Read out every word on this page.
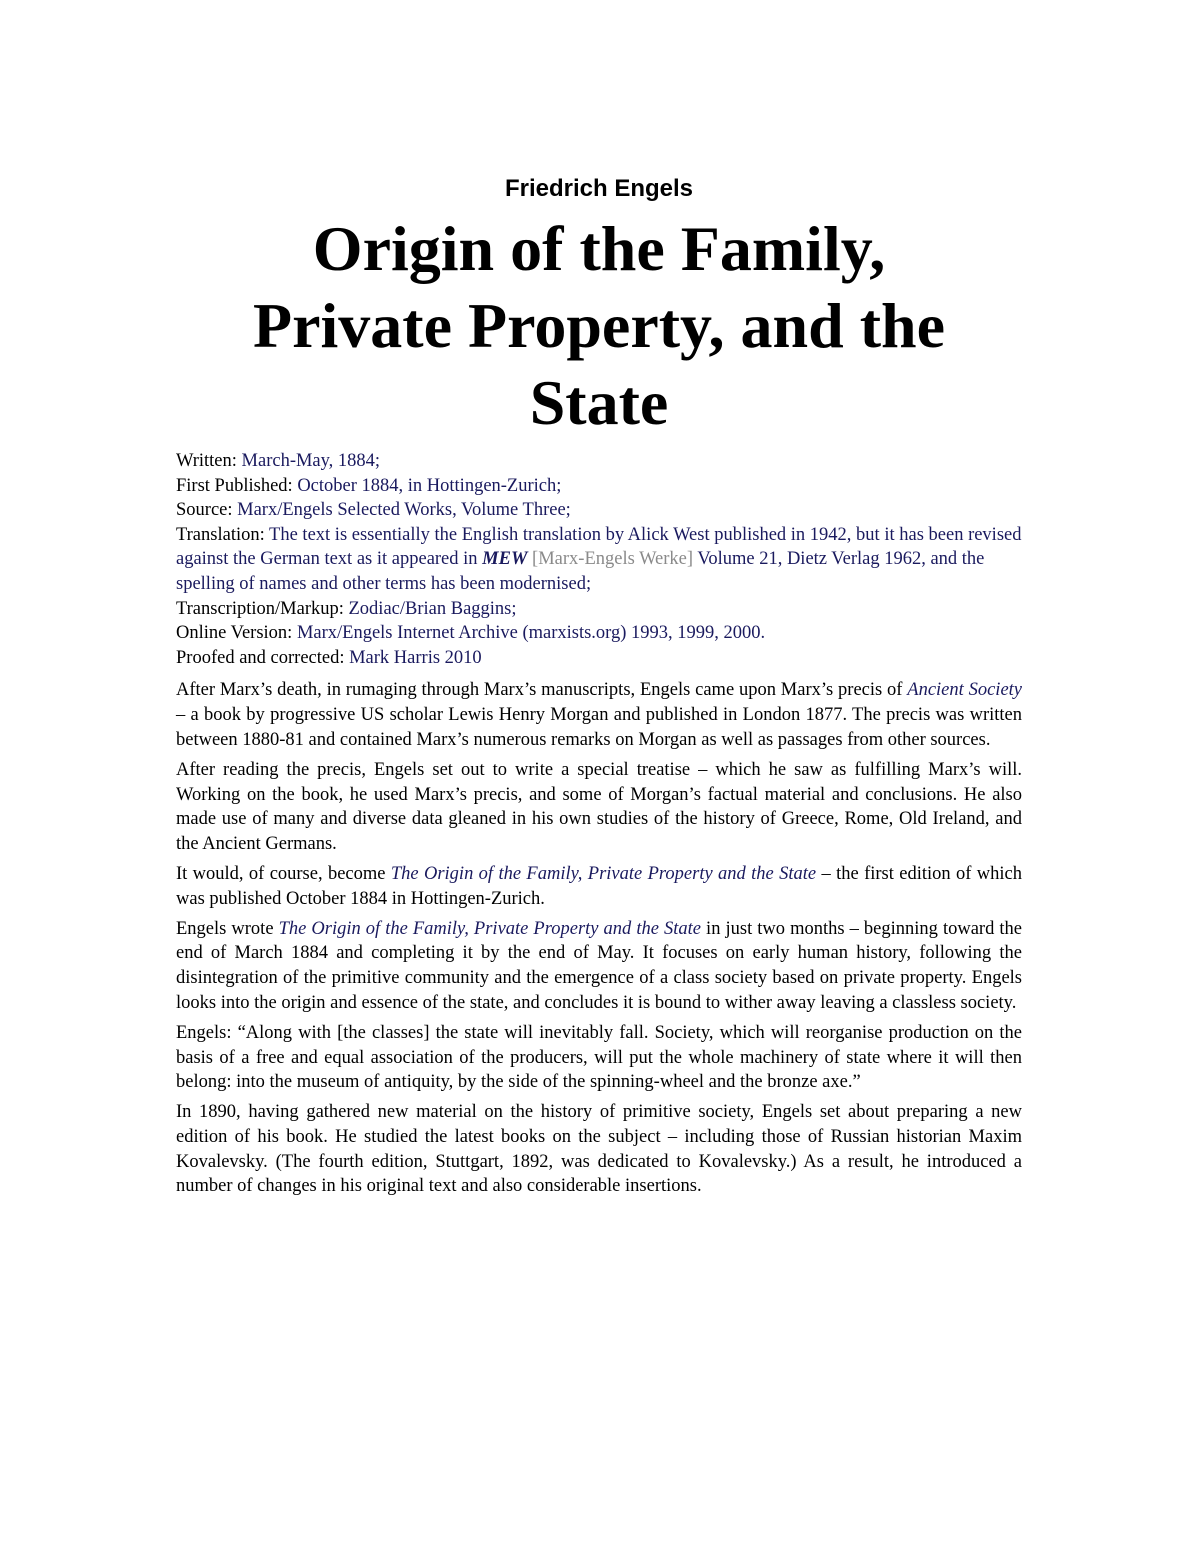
Friedrich Engels
Origin of the Family,
Private Property, and the
State
Written: March-May, 1884;
First Published: October 1884, in Hottingen-Zurich;
Source: Marx/Engels Selected Works, Volume Three;
Translation: The text is essentially the English translation by Alick West published in 1942, but it has been revised against the German text as it appeared in MEW [Marx-Engels Werke] Volume 21, Dietz Verlag 1962, and the spelling of names and other terms has been modernised;
Transcription/Markup: Zodiac/Brian Baggins;
Online Version: Marx/Engels Internet Archive (marxists.org) 1993, 1999, 2000.
Proofed and corrected: Mark Harris 2010

After Marx’s death, in rumaging through Marx’s manuscripts, Engels came upon Marx’s precis of Ancient Society – a book by progressive US scholar Lewis Henry Morgan and published in London 1877. The precis was written between 1880-81 and contained Marx’s numerous remarks on Morgan as well as passages from other sources.

After reading the precis, Engels set out to write a special treatise – which he saw as fulfilling Marx’s will. Working on the book, he used Marx’s precis, and some of Morgan’s factual material and conclusions. He also made use of many and diverse data gleaned in his own studies of the history of Greece, Rome, Old Ireland, and the Ancient Germans.

It would, of course, become The Origin of the Family, Private Property and the State – the first edition of which was published October 1884 in Hottingen-Zurich.

Engels wrote The Origin of the Family, Private Property and the State in just two months – beginning toward the end of March 1884 and completing it by the end of May. It focuses on early human history, following the disintegration of the primitive community and the emergence of a class society based on private property. Engels looks into the origin and essence of the state, and concludes it is bound to wither away leaving a classless society.

Engels: “Along with [the classes] the state will inevitably fall. Society, which will reorganise production on the basis of a free and equal association of the producers, will put the whole machinery of state where it will then belong: into the museum of antiquity, by the side of the spinning-wheel and the bronze axe.”

In 1890, having gathered new material on the history of primitive society, Engels set about preparing a new edition of his book. He studied the latest books on the subject – including those of Russian historian Maxim Kovalevsky. (The fourth edition, Stuttgart, 1892, was dedicated to Kovalevsky.) As a result, he introduced a number of changes in his original text and also considerable insertions.
